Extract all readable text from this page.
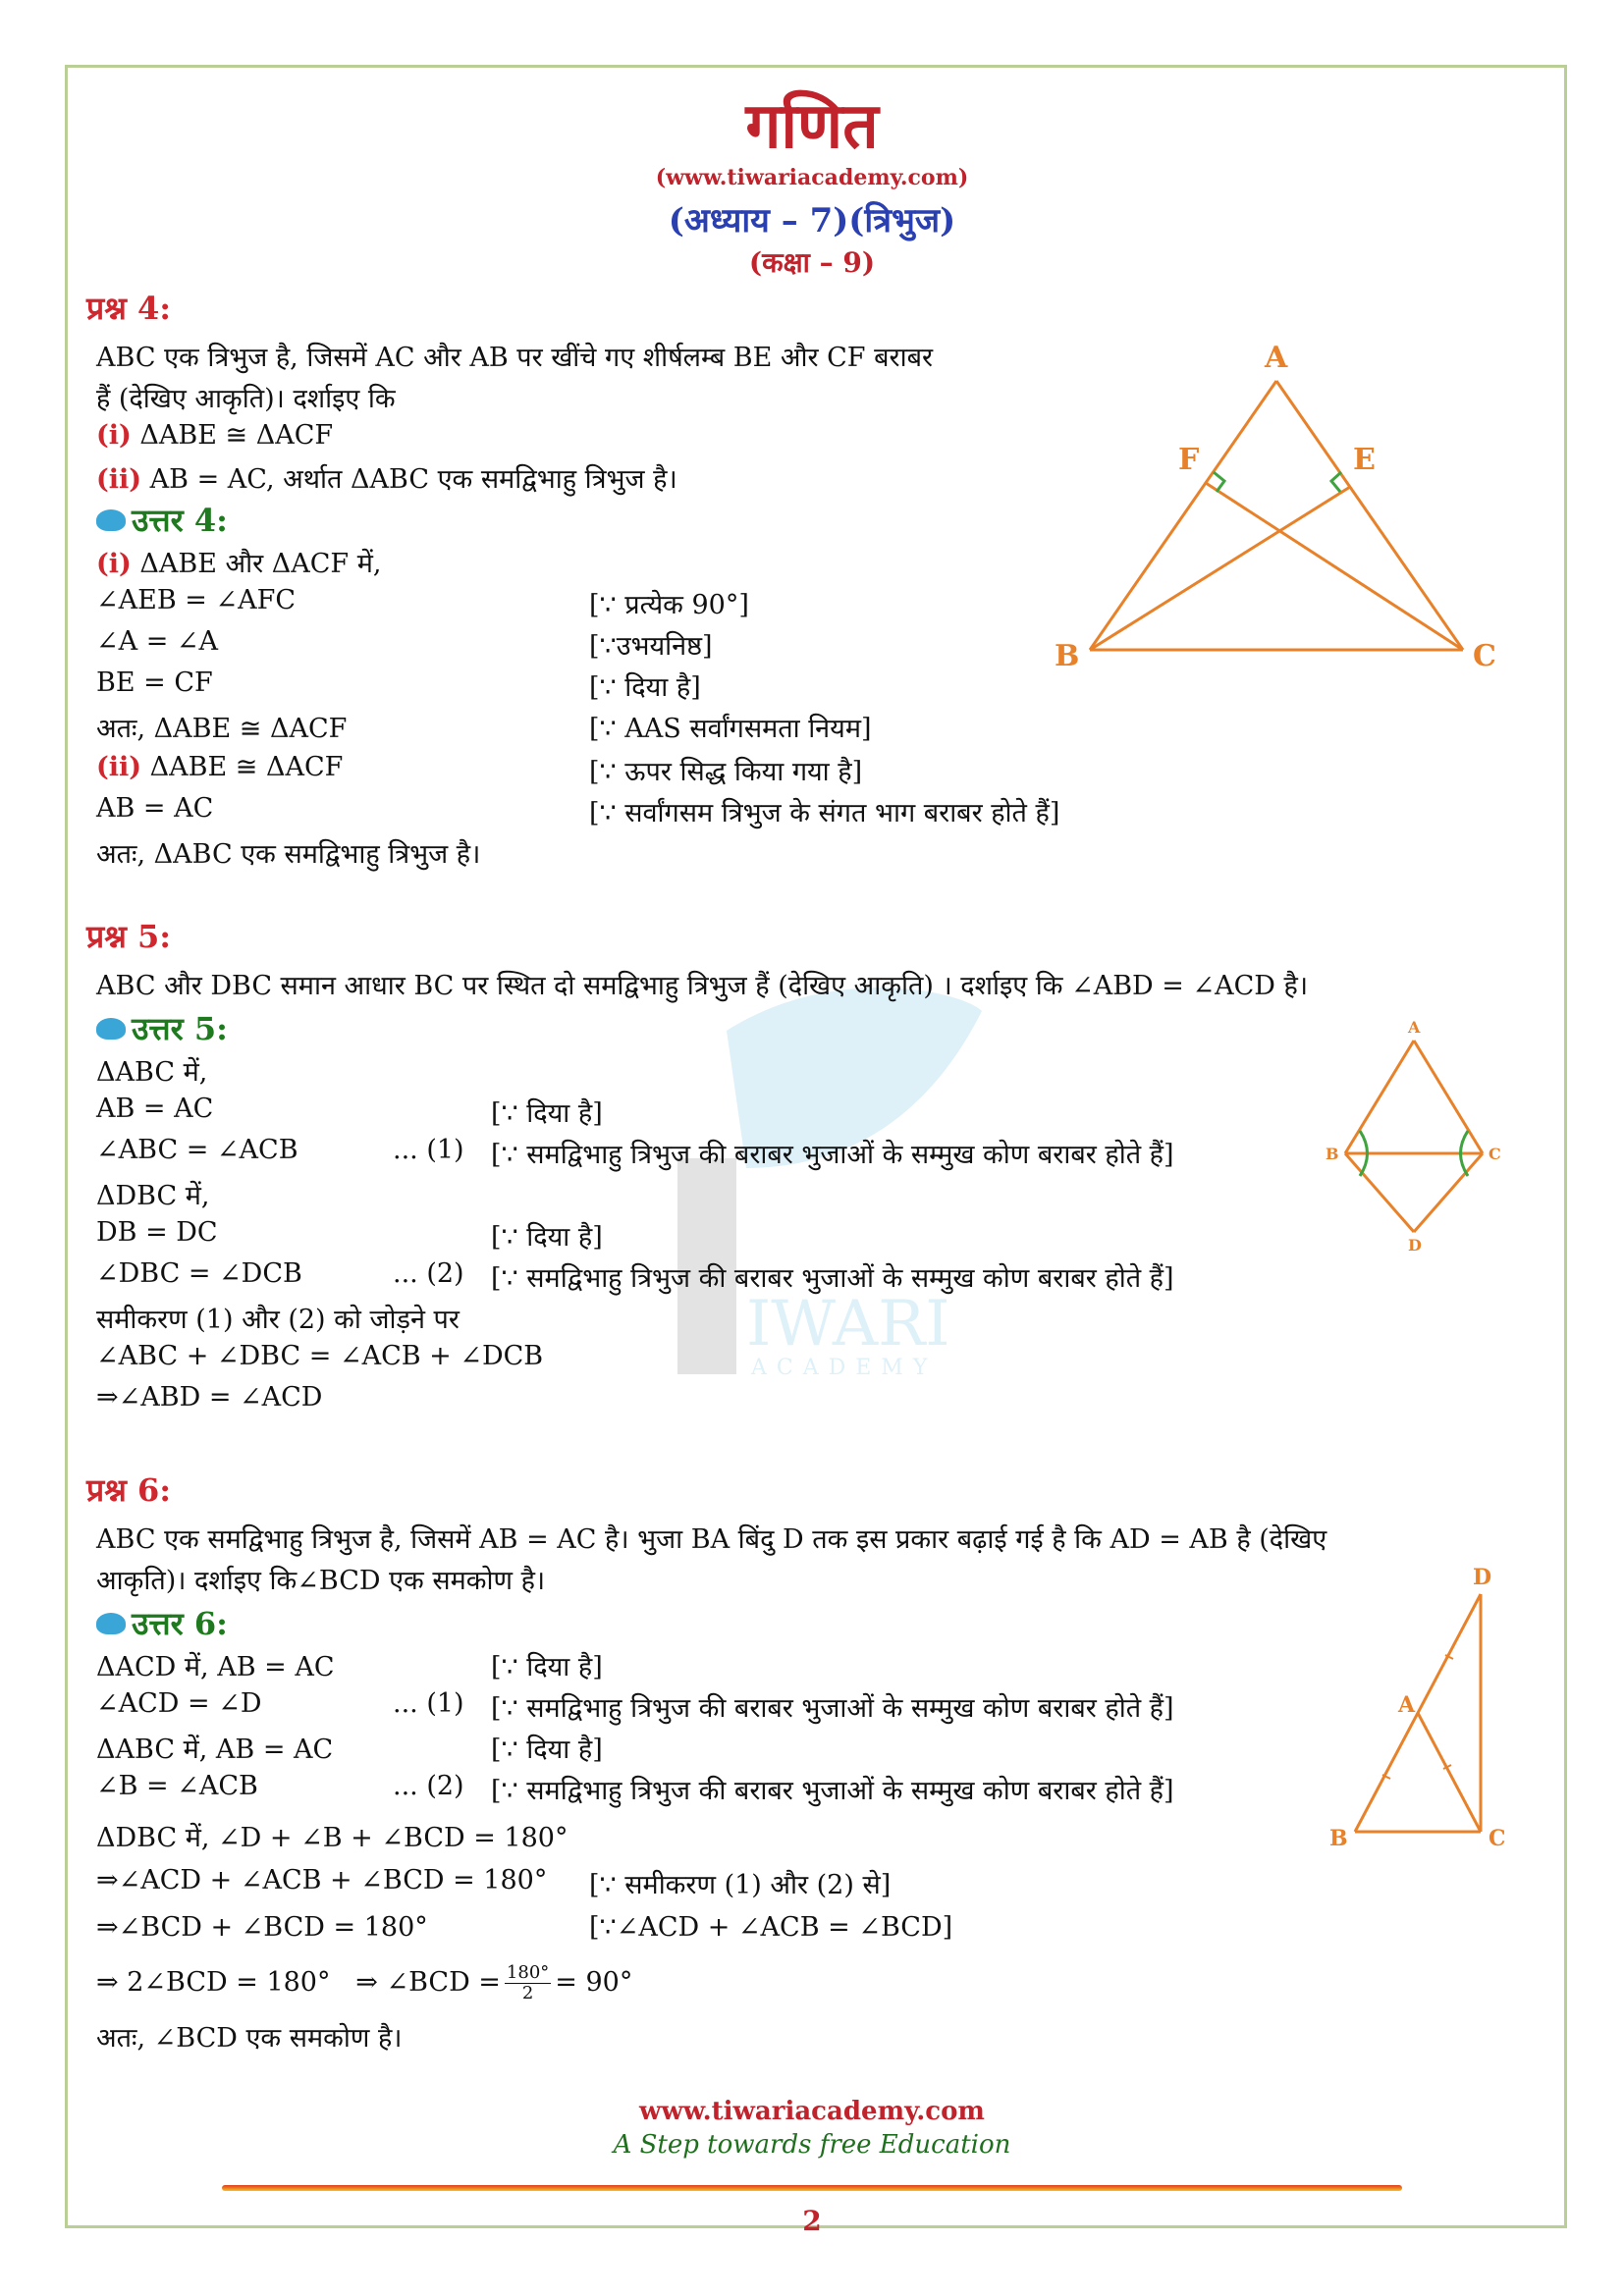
IWARI
ACADEMY
गणित
(www.tiwariacademy.com)
(अध्याय – 7)(त्रिभुज)
(कक्षा – 9)
प्रश्न 4:
ABC एक त्रिभुज है, जिसमें AC और AB पर खींचे गए शीर्षलम्ब BE और CF बराबर
हैं (देखिए आकृति)। दर्शाइए कि
(i) ΔABE ≅ ΔACF
(ii) AB = AC, अर्थात ΔABC एक समद्विभाहु त्रिभुज है।
उत्तर 4:
(i) ΔABE और ΔACF में,
∠AEB = ∠AFC	[∵ प्रत्येक 90°]
∠A = ∠A	[∵उभयनिष्ठ]
BE = CF	[∵ दिया है]
अतः, ΔABE ≅ ΔACF	[∵ AAS सर्वांगसमता नियम]
(ii) ΔABE ≅ ΔACF	[∵ ऊपर सिद्ध किया गया है]
AB = AC	[∵ सर्वांगसम त्रिभुज के संगत भाग बराबर होते हैं]
अतः, ΔABC एक समद्विभाहु त्रिभुज है।
A
B	C
E
F
प्रश्न 5:
ABC और DBC समान आधार BC पर स्थित दो समद्विभाहु त्रिभुज हैं (देखिए आकृति) । दर्शाइए कि ∠ABD = ∠ACD है।
उत्तर 5:
ΔABC में,
AB = AC	[∵ दिया है]
∠ABC = ∠ACB	... (1) [∵ समद्विभाहु त्रिभुज की बराबर भुजाओं के सम्मुख कोण बराबर होते हैं]
ΔDBC में,
DB = DC	[∵ दिया है]
∠DBC = ∠DCB	... (2) [∵ समद्विभाहु त्रिभुज की बराबर भुजाओं के सम्मुख कोण बराबर होते हैं]
समीकरण (1) और (2) को जोड़ने पर
∠ABC + ∠DBC = ∠ACB + ∠DCB
⇒∠ABD = ∠ACD
A
B	C
D
प्रश्न 6:
ABC एक समद्विभाहु त्रिभुज है, जिसमें AB = AC है। भुजा BA बिंदु D तक इस प्रकार बढ़ाई गई है कि AD = AB है (देखिए
आकृति)। दर्शाइए कि∠BCD एक समकोण है।
उत्तर 6:
ΔACD में, AB = AC	[∵ दिया है]
∠ACD = ∠D	... (1) [∵ समद्विभाहु त्रिभुज की बराबर भुजाओं के सम्मुख कोण बराबर होते हैं]
ΔABC में, AB = AC	[∵ दिया है]
∠B = ∠ACB	... (2) [∵ समद्विभाहु त्रिभुज की बराबर भुजाओं के सम्मुख कोण बराबर होते हैं]
ΔDBC में, ∠D + ∠B + ∠BCD = 180°
⇒∠ACD + ∠ACB + ∠BCD = 180° [∵ समीकरण (1) और (2) से]
⇒∠BCD + ∠BCD = 180°	[∵∠ACD + ∠ACB = ∠BCD]
⇒ 2∠BCD = 180° ⇒ ∠BCD = $\frac{180^\circ}{2} = 90^\circ$
अतः, ∠BCD एक समकोण है।
D
A
B	C
www.tiwariacademy.com
A Step towards free Education
2
